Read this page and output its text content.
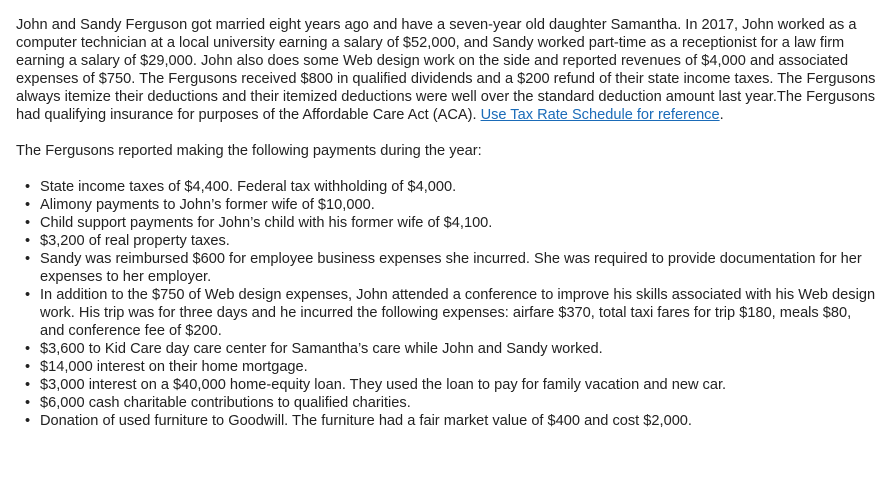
John and Sandy Ferguson got married eight years ago and have a seven-year old daughter Samantha. In 2017, John worked as a computer technician at a local university earning a salary of $52,000, and Sandy worked part-time as a receptionist for a law firm earning a salary of $29,000. John also does some Web design work on the side and reported revenues of $4,000 and associated expenses of $750. The Fergusons received $800 in qualified dividends and a $200 refund of their state income taxes. The Fergusons always itemize their deductions and their itemized deductions were well over the standard deduction amount last year.The Fergusons had qualifying insurance for purposes of the Affordable Care Act (ACA). Use Tax Rate Schedule for reference.

The Fergusons reported making the following payments during the year:

• State income taxes of $4,400. Federal tax withholding of $4,000.
• Alimony payments to John’s former wife of $10,000.
• Child support payments for John’s child with his former wife of $4,100.
• $3,200 of real property taxes.
• Sandy was reimbursed $600 for employee business expenses she incurred. She was required to provide documentation for her expenses to her employer.
• In addition to the $750 of Web design expenses, John attended a conference to improve his skills associated with his Web design work. His trip was for three days and he incurred the following expenses: airfare $370, total taxi fares for trip $180, meals $80, and conference fee of $200.
• $3,600 to Kid Care day care center for Samantha’s care while John and Sandy worked.
• $14,000 interest on their home mortgage.
• $3,000 interest on a $40,000 home-equity loan. They used the loan to pay for family vacation and new car.
• $6,000 cash charitable contributions to qualified charities.
• Donation of used furniture to Goodwill. The furniture had a fair market value of $400 and cost $2,000.
